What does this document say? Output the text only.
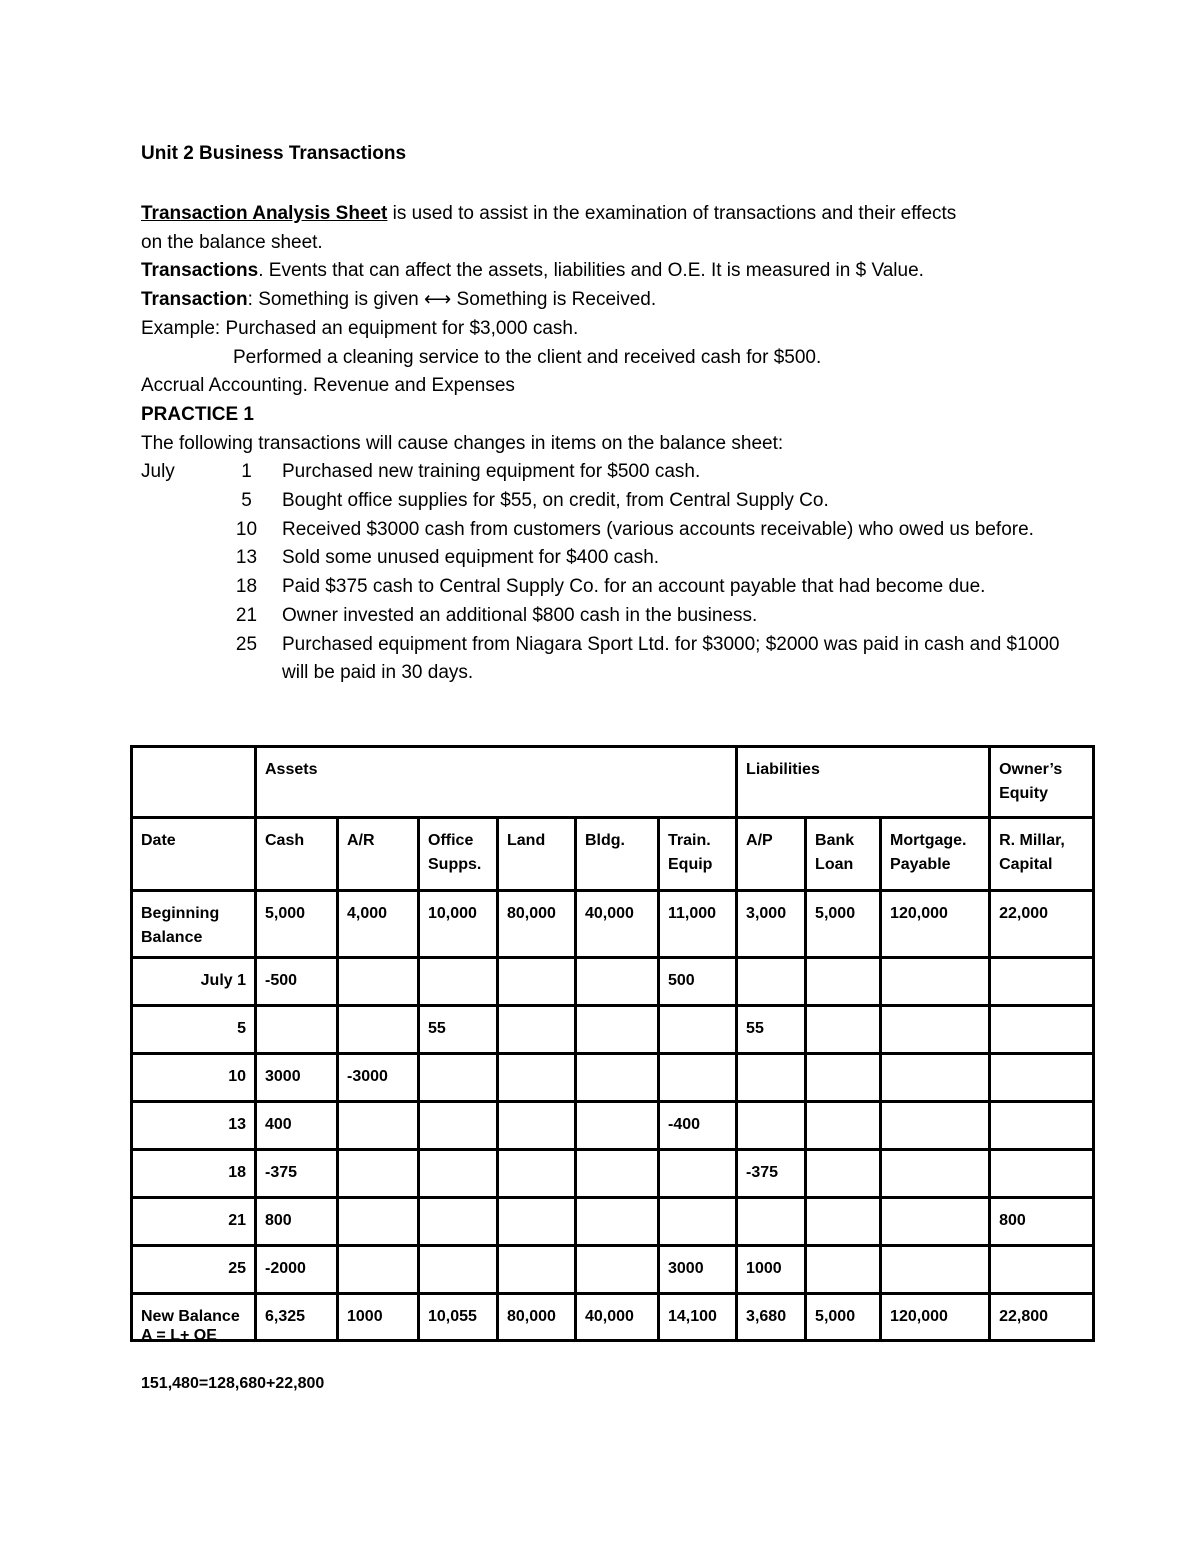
Unit 2 Business Transactions
Transaction Analysis Sheet is used to assist in the examination of transactions and their effects
on the balance sheet.
Transactions. Events that can affect the assets, liabilities and O.E. It is measured in $ Value.
Transaction: Something is given ⟷ Something is Received.
Example: Purchased an equipment for $3,000 cash.
Performed a cleaning service to the client and received cash for $500.
Accrual Accounting. Revenue and Expenses
PRACTICE 1
The following transactions will cause changes in items on the balance sheet:
July	1	Purchased new training equipment for $500 cash.
5	Bought office supplies for $55, on credit, from Central Supply Co.
10	Received $3000 cash from customers (various accounts receivable) who owed us before.
13	Sold some unused equipment for $400 cash.
18	Paid $375 cash to Central Supply Co. for an account payable that had become due.
21	Owner invested an additional $800 cash in the business.
25	Purchased equipment from Niagara Sport Ltd. for $3000; $2000 was paid in cash and $1000 will be paid in 30 days.
	Assets						Liabilities			Owner’s Equity
Date	Cash	A/R	Office Supps.	Land	Bldg.	Train. Equip	A/P	Bank Loan	Mortgage. Payable	R. Millar, Capital
Beginning Balance	5,000	4,000	10,000	80,000	40,000	11,000	3,000	5,000	120,000	22,000
July 1	-500					500				
5			55				55			
10	3000	-3000								
13	400					-400				
18	-375						-375			
21	800									800
25	-2000					3000	1000			
New Balance	6,325	1000	10,055	80,000	40,000	14,100	3,680	5,000	120,000	22,800
A = L+ OE
151,480=128,680+22,800
